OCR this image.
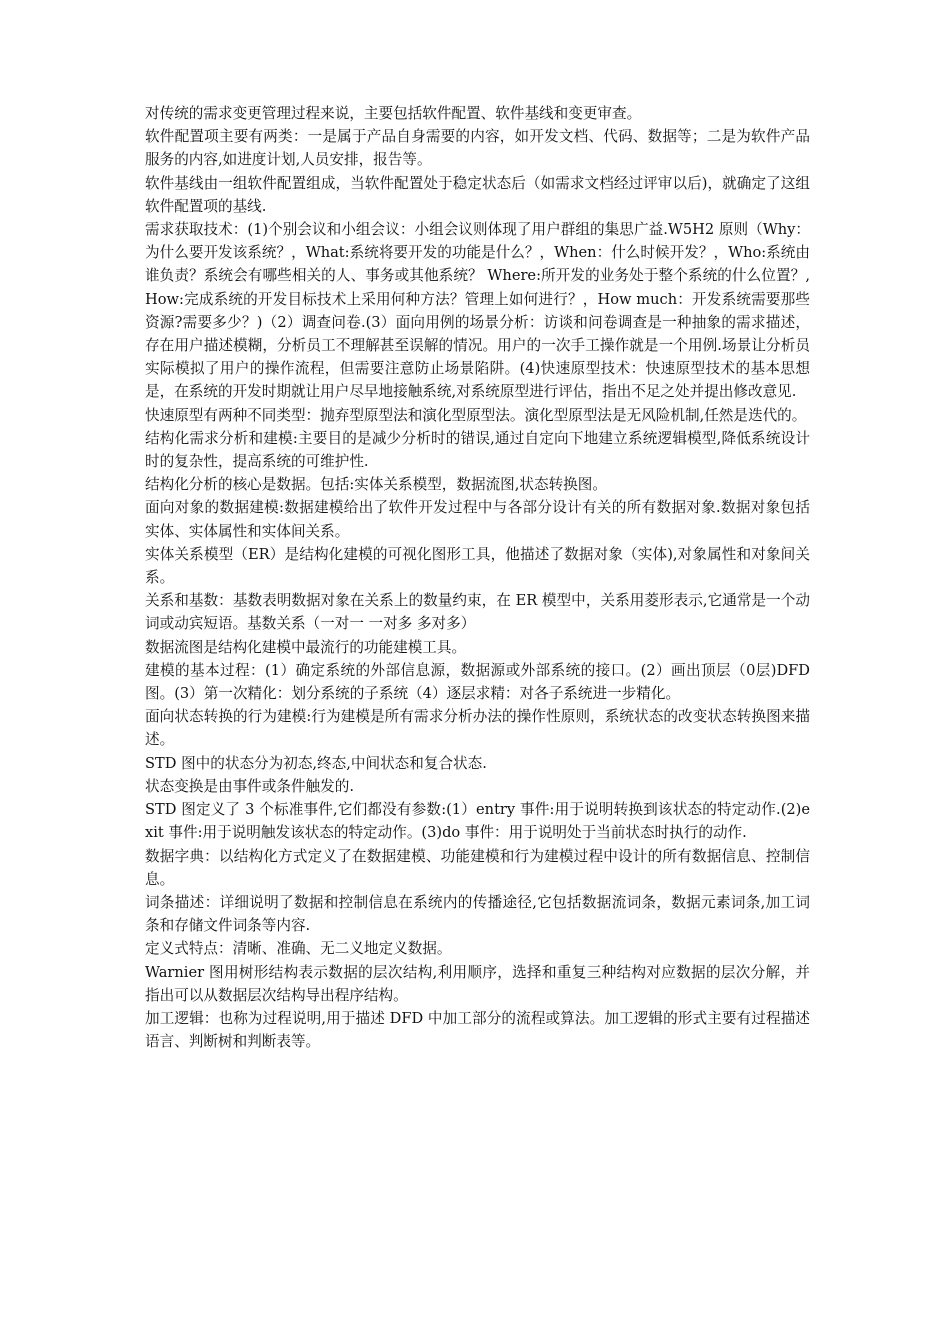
对传统的需求变更管理过程来说，主要包括软件配置、软件基线和变更审查。

软件配置项主要有两类：一是属于产品自身需要的内容，如开发文档、代码、数据等；二是为软件产品服务的内容,如进度计划,人员安排，报告等。

软件基线由一组软件配置组成，当软件配置处于稳定状态后（如需求文档经过评审以后)，就确定了这组软件配置项的基线.

需求获取技术：(1)个别会议和小组会议：小组会议则体现了用户群组的集思广益.W5H2 原则（Why：为什么要开发该系统？，What:系统将要开发的功能是什么？，When：什么时候开发？，Who:系统由谁负责？系统会有哪些相关的人、事务或其他系统？ Where:所开发的业务处于整个系统的什么位置？,How:完成系统的开发目标技术上采用何种方法？管理上如何进行？，How much：开发系统需要那些资源?需要多少？)（2）调查问卷.(3）面向用例的场景分析：访谈和问卷调查是一种抽象的需求描述，存在用户描述模糊，分析员工不理解甚至误解的情况。用户的一次手工操作就是一个用例.场景让分析员实际模拟了用户的操作流程，但需要注意防止场景陷阱。(4)快速原型技术：快速原型技术的基本思想是，在系统的开发时期就让用户尽早地接触系统,对系统原型进行评估，指出不足之处并提出修改意见.

快速原型有两种不同类型：抛弃型原型法和演化型原型法。演化型原型法是无风险机制,任然是迭代的。

结构化需求分析和建模:主要目的是减少分析时的错误,通过自定向下地建立系统逻辑模型,降低系统设计时的复杂性，提高系统的可维护性.

结构化分析的核心是数据。包括:实体关系模型，数据流图,状态转换图。

面向对象的数据建模:数据建模给出了软件开发过程中与各部分设计有关的所有数据对象.数据对象包括实体、实体属性和实体间关系。

实体关系模型（ER）是结构化建模的可视化图形工具，他描述了数据对象（实体),对象属性和对象间关系。

关系和基数：基数表明数据对象在关系上的数量约束，在 ER 模型中，关系用菱形表示,它通常是一个动词或动宾短语。基数关系（一对一 一对多 多对多）

数据流图是结构化建模中最流行的功能建模工具。

建模的基本过程：(1）确定系统的外部信息源，数据源或外部系统的接口。(2）画出顶层（0层)DFD 图。(3）第一次精化：划分系统的子系统（4）逐层求精：对各子系统进一步精化。

面向状态转换的行为建模:行为建模是所有需求分析办法的操作性原则，系统状态的改变状态转换图来描述。

STD 图中的状态分为初态,终态,中间状态和复合状态.

状态变换是由事件或条件触发的.

STD 图定义了 3 个标准事件,它们都没有参数:(1）entry 事件:用于说明转换到该状态的特定动作.(2)exit 事件:用于说明触发该状态的特定动作。(3)do 事件：用于说明处于当前状态时执行的动作.

数据字典：以结构化方式定义了在数据建模、功能建模和行为建模过程中设计的所有数据信息、控制信息。

词条描述：详细说明了数据和控制信息在系统内的传播途径,它包括数据流词条，数据元素词条,加工词条和存储文件词条等内容.

定义式特点：清晰、准确、无二义地定义数据。

Warnier 图用树形结构表示数据的层次结构,利用顺序，选择和重复三种结构对应数据的层次分解，并指出可以从数据层次结构导出程序结构。

加工逻辑：也称为过程说明,用于描述 DFD 中加工部分的流程或算法。加工逻辑的形式主要有过程描述语言、判断树和判断表等。
